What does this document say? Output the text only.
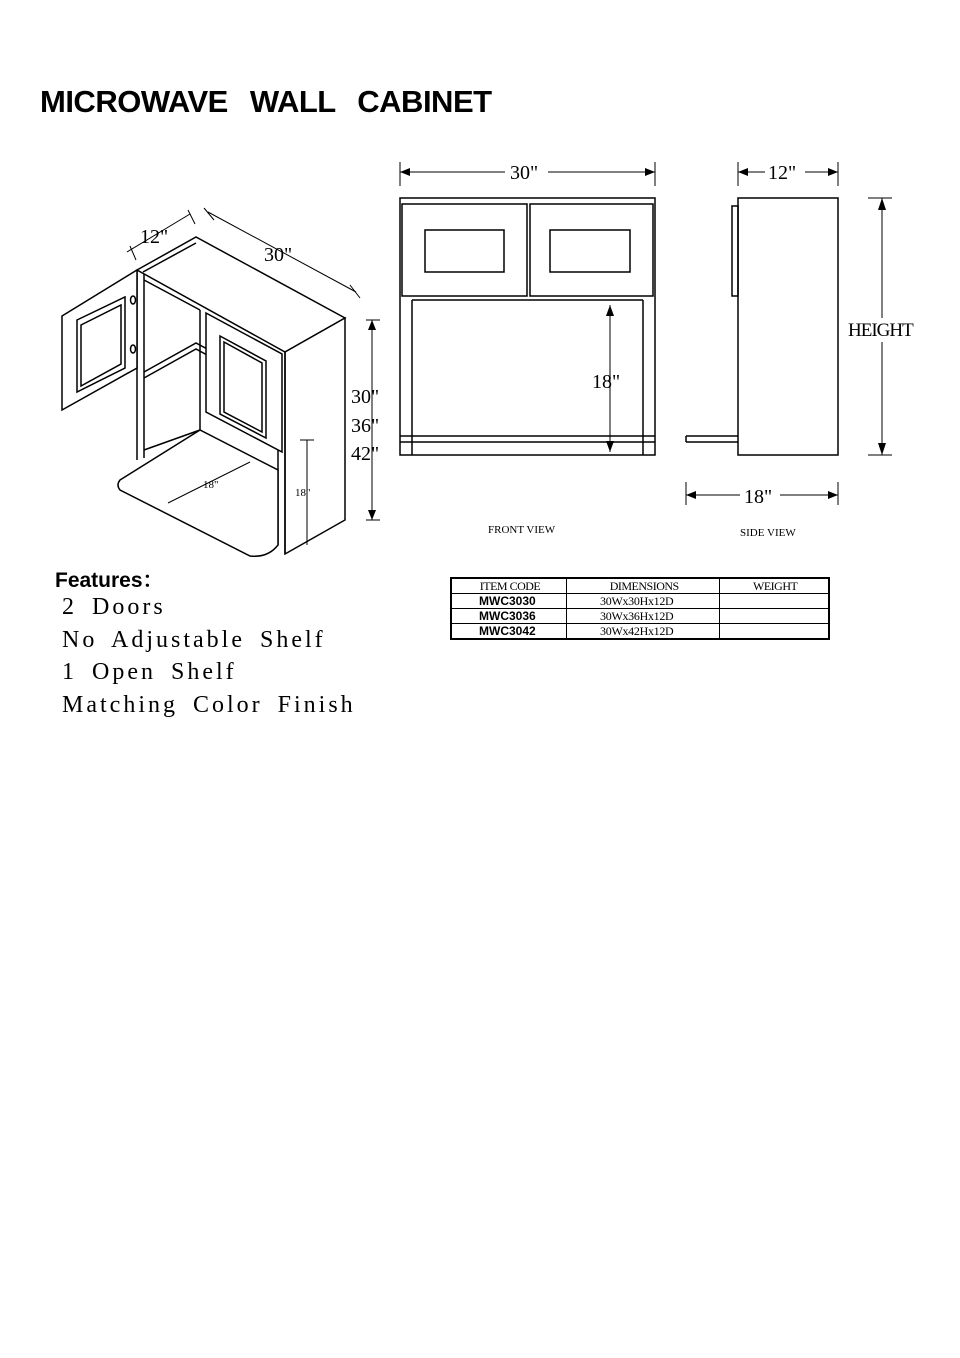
MICROWAVE WALL CABINET
12"
30"
30"
36"
42"
18"
18"
30"
18"
FRONT VIEW
12"
HEIGHT
18"
SIDE VIEW
Features：
2 Doors
No Adjustable Shelf
1 Open Shelf
Matching Color Finish
ITEM CODE	DIMENSIONS	WEIGHT
MWC3030	30Wx30Hx12D	
MWC3036	30Wx36Hx12D	
MWC3042	30Wx42Hx12D	
